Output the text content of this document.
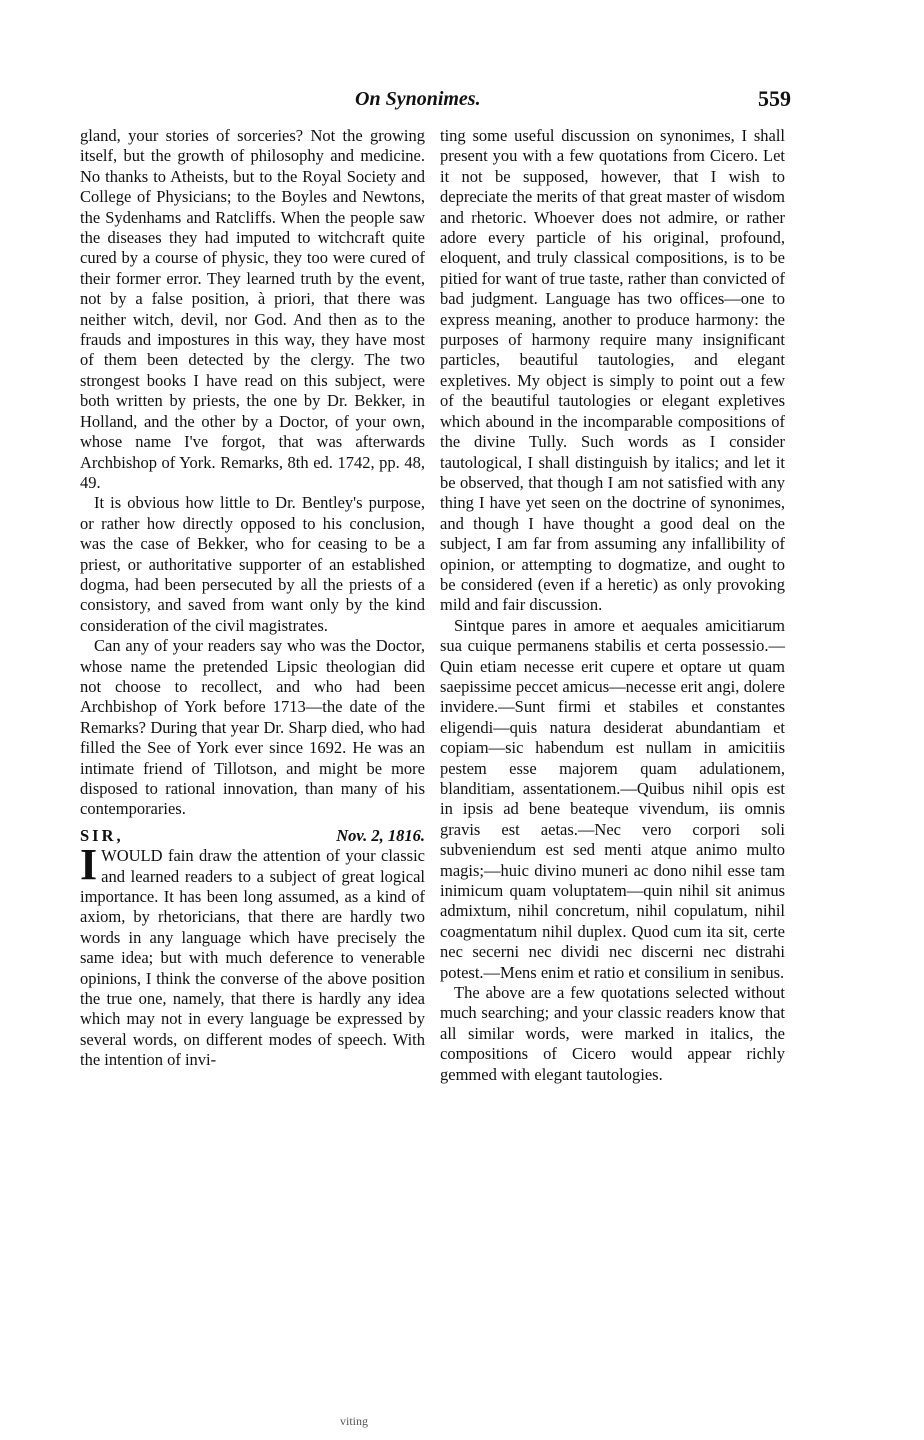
On Synonimes.	559

gland, your stories of sorceries? Not the growing itself, but the growth of philosophy and medicine. No thanks to Atheists, but to the Royal Society and College of Physicians; to the Boyles and Newtons, the Sydenhams and Ratcliffs. When the people saw the diseases they had imputed to witchcraft quite cured by a course of physic, they too were cured of their former error. They learned truth by the event, not by a false position, à priori, that there was neither witch, devil, nor God. And then as to the frauds and impostures in this way, they have most of them been detected by the clergy. The two strongest books I have read on this subject, were both written by priests, the one by Dr. Bekker, in Holland, and the other by a Doctor, of your own, whose name I've forgot, that was afterwards Archbishop of York. Remarks, 8th ed. 1742, pp. 48, 49.

It is obvious how little to Dr. Bentley's purpose, or rather how directly opposed to his conclusion, was the case of Bekker, who for ceasing to be a priest, or authoritative supporter of an established dogma, had been persecuted by all the priests of a consistory, and saved from want only by the kind consideration of the civil magistrates.

Can any of your readers say who was the Doctor, whose name the pretended Lipsic theologian did not choose to recollect, and who had been Archbishop of York before 1713—the date of the Remarks? During that year Dr. Sharp died, who had filled the See of York ever since 1692. He was an intimate friend of Tillotson, and might be more disposed to rational innovation, than many of his contemporaries.

SIR,	Nov. 2, 1816.

IWOULD fain draw the attention of your classic and learned readers to a subject of great logical importance. It has been long assumed, as a kind of axiom, by rhetoricians, that there are hardly two words in any language which have precisely the same idea; but with much deference to venerable opinions, I think the converse of the above position the true one, namely, that there is hardly any idea which may not in every language be expressed by several words, on different modes of speech. With the intention of invi-

ting some useful discussion on synonimes, I shall present you with a few quotations from Cicero. Let it not be supposed, however, that I wish to depreciate the merits of that great master of wisdom and rhetoric. Whoever does not admire, or rather adore every particle of his original, profound, eloquent, and truly classical compositions, is to be pitied for want of true taste, rather than convicted of bad judgment. Language has two offices—one to express meaning, another to produce harmony: the purposes of harmony require many insignificant particles, beautiful tautologies, and elegant expletives. My object is simply to point out a few of the beautiful tautologies or elegant expletives which abound in the incomparable compositions of the divine Tully. Such words as I consider tautological, I shall distinguish by italics; and let it be observed, that though I am not satisfied with any thing I have yet seen on the doctrine of synonimes, and though I have thought a good deal on the subject, I am far from assuming any infallibility of opinion, or attempting to dogmatize, and ought to be considered (even if a heretic) as only provoking mild and fair discussion.

Sintque pares in amore et aequales amicitiarum sua cuique permanens stabilis et certa possessio.—Quin etiam necesse erit cupere et optare ut quam saepissime peccet amicus—necesse erit angi, dolere invidere.—Sunt firmi et stabiles et constantes eligendi—quis natura desiderat abundantiam et copiam—sic habendum est nullam in amicitiis pestem esse majorem quam adulationem, blanditiam, assentationem.—Quibus nihil opis est in ipsis ad bene beateque vivendum, iis omnis gravis est aetas.—Nec vero corpori soli subveniendum est sed menti atque animo multo magis;—huic divino muneri ac dono nihil esse tam inimicum quam voluptatem—quin nihil sit animus admixtum, nihil concretum, nihil copulatum, nihil coagmentatum nihil duplex. Quod cum ita sit, certe nec secerni nec dividi nec discerni nec distrahi potest.—Mens enim et ratio et consilium in senibus.

The above are a few quotations selected without much searching; and your classic readers know that all similar words, were marked in italics, the compositions of Cicero would appear richly gemmed with elegant tautologies.

viting
